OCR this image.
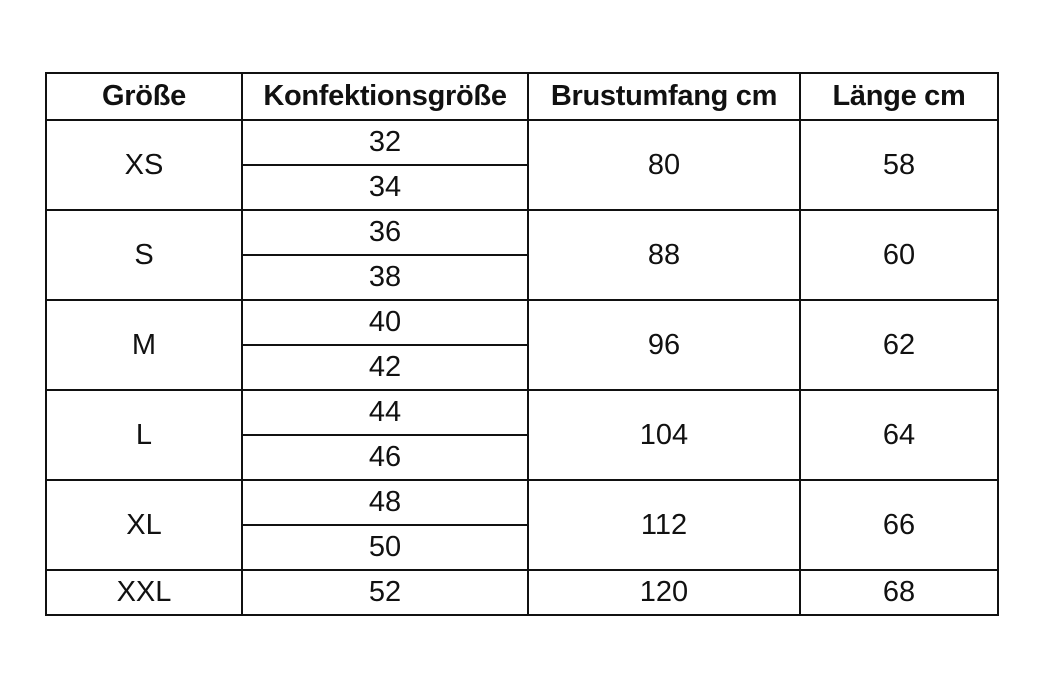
Größe	Konfektionsgröße	Brustumfang cm	Länge cm
XS	32	80	58
	34		
S	36	88	60
	38		
M	40	96	62
	42		
L	44	104	64
	46		
XL	48	112	66
	50		
XXL	52	120	68
